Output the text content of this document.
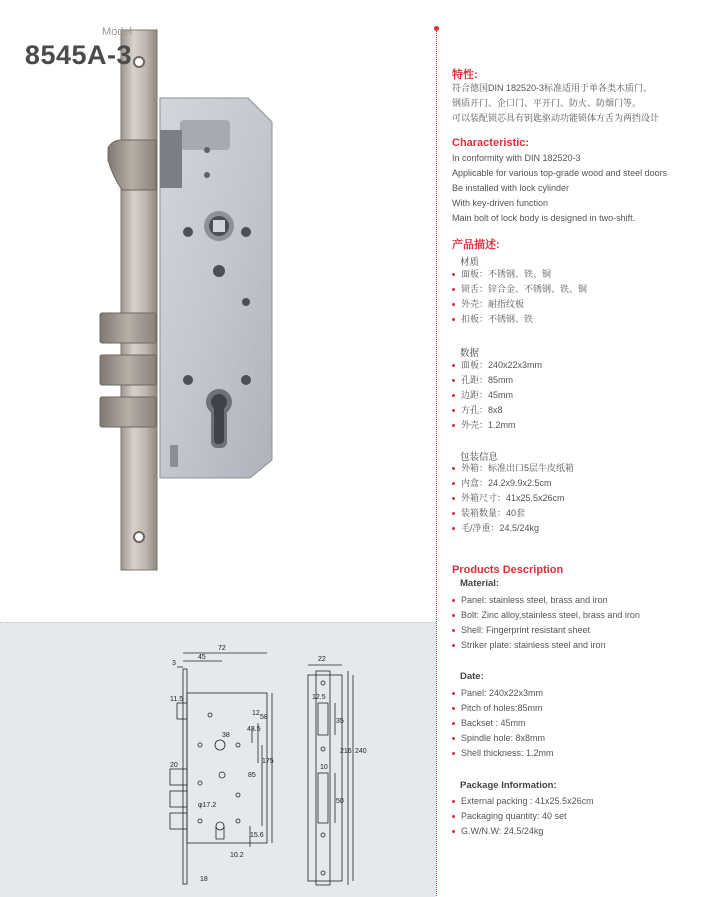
Model
8545A-3
72
45
3
22
11.5	12.5
38
43.5
58
85
175
20
φ17.2
10.2
15.6
18
35
10
50
216 240
12
特性:
符合德国DIN 182520-3标准适用于单各类木质门、
钢质开门、企口门、平开门、防火、防烟门等。
可以装配锁芯具有钥匙驱动功能锁体方舌为两挡设计
Characteristic:
In conformity with DIN 182520-3
Applicable for various top-grade wood and steel doors
Be installed with lock cylinder
With key-driven function
Main bolt of lock body is designed in two-shift.
产品描述:
材质
面板：不锈钢、铁、铜
锁舌：锌合金、不锈钢、铁、铜
外壳：耐指纹板
扣板：不锈钢、铁
数据
面板：240x22x3mm
孔距：85mm
边距：45mm
方孔：8x8
外壳：1.2mm
包装信息
外箱：标准出口5层牛皮纸箱
内盒：24.2x9.9x2.5cm
外箱尺寸：41x25.5x26cm
装箱数量：40套
毛/净重：24.5/24kg
Products Description
Material:
Panel: stainless steel, brass and iron
Bolt: Zinc alloy,stainless steel, brass and iron
Shell: Fingerprint resistant sheet
Striker plate: stainless steel and iron
Date:
Panel: 240x22x3mm
Pitch of holes:85mm
Backset : 45mm
Spindle hole: 8x8mm
Shell thickness: 1.2mm
Package Information:
External packing : 41x25.5x26cm
Packaging quantity: 40 set
G.W/N.W: 24.5/24kg
